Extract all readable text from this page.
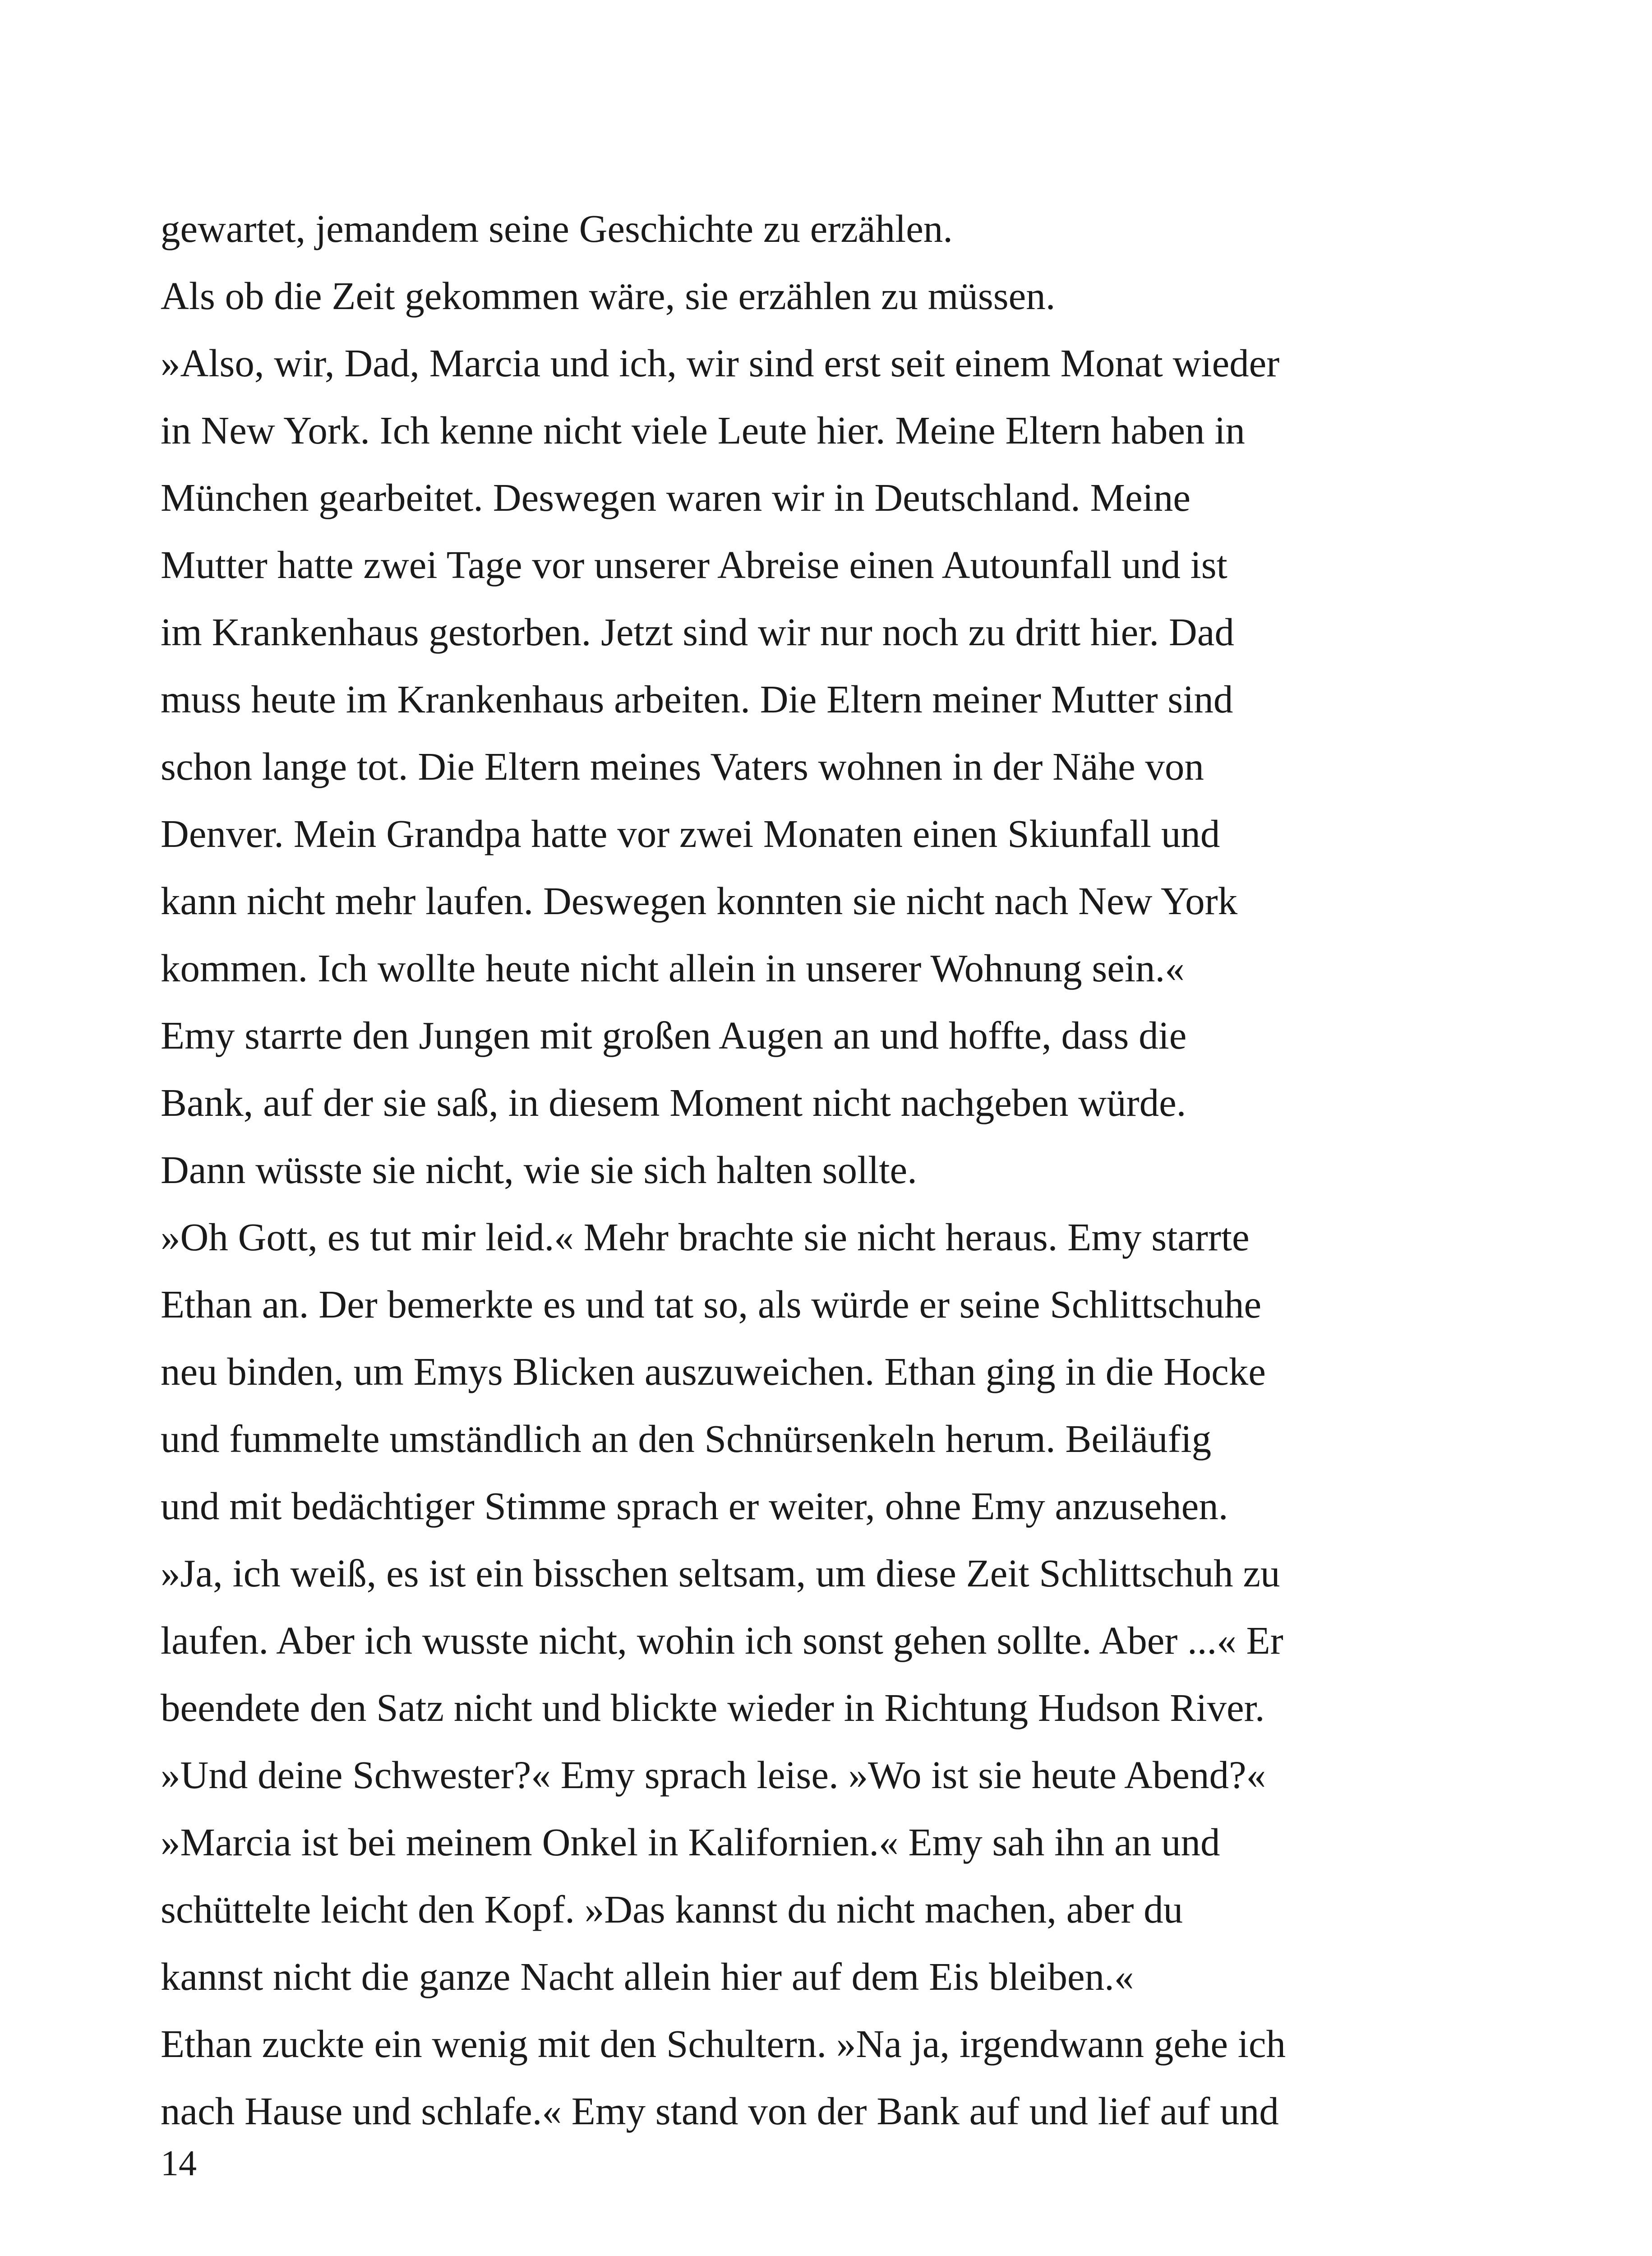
gewartet, jemandem seine Geschichte zu erzählen.
Als ob die Zeit gekommen wäre, sie erzählen zu müssen.
»Also, wir, Dad, Marcia und ich, wir sind erst seit einem Monat wieder
in New York. Ich kenne nicht viele Leute hier. Meine Eltern haben in
München gearbeitet. Deswegen waren wir in Deutschland. Meine
Mutter hatte zwei Tage vor unserer Abreise einen Autounfall und ist
im Krankenhaus gestorben. Jetzt sind wir nur noch zu dritt hier. Dad
muss heute im Krankenhaus arbeiten. Die Eltern meiner Mutter sind
schon lange tot. Die Eltern meines Vaters wohnen in der Nähe von
Denver. Mein Grandpa hatte vor zwei Monaten einen Skiunfall und
kann nicht mehr laufen. Deswegen konnten sie nicht nach New York
kommen. Ich wollte heute nicht allein in unserer Wohnung sein.«
Emy starrte den Jungen mit großen Augen an und hoffte, dass die
Bank, auf der sie saß, in diesem Moment nicht nachgeben würde.
Dann wüsste sie nicht, wie sie sich halten sollte.
»Oh Gott, es tut mir leid.« Mehr brachte sie nicht heraus. Emy starrte
Ethan an. Der bemerkte es und tat so, als würde er seine Schlittschuhe
neu binden, um Emys Blicken auszuweichen. Ethan ging in die Hocke
und fummelte umständlich an den Schnürsenkeln herum. Beiläufig
und mit bedächtiger Stimme sprach er weiter, ohne Emy anzusehen.
»Ja, ich weiß, es ist ein bisschen seltsam, um diese Zeit Schlittschuh zu
laufen. Aber ich wusste nicht, wohin ich sonst gehen sollte. Aber ...« Er
beendete den Satz nicht und blickte wieder in Richtung Hudson River.
»Und deine Schwester?« Emy sprach leise. »Wo ist sie heute Abend?«
»Marcia ist bei meinem Onkel in Kalifornien.« Emy sah ihn an und
schüttelte leicht den Kopf. »Das kannst du nicht machen, aber du
kannst nicht die ganze Nacht allein hier auf dem Eis bleiben.«
Ethan zuckte ein wenig mit den Schultern. »Na ja, irgendwann gehe ich
nach Hause und schlafe.« Emy stand von der Bank auf und lief auf und
14
